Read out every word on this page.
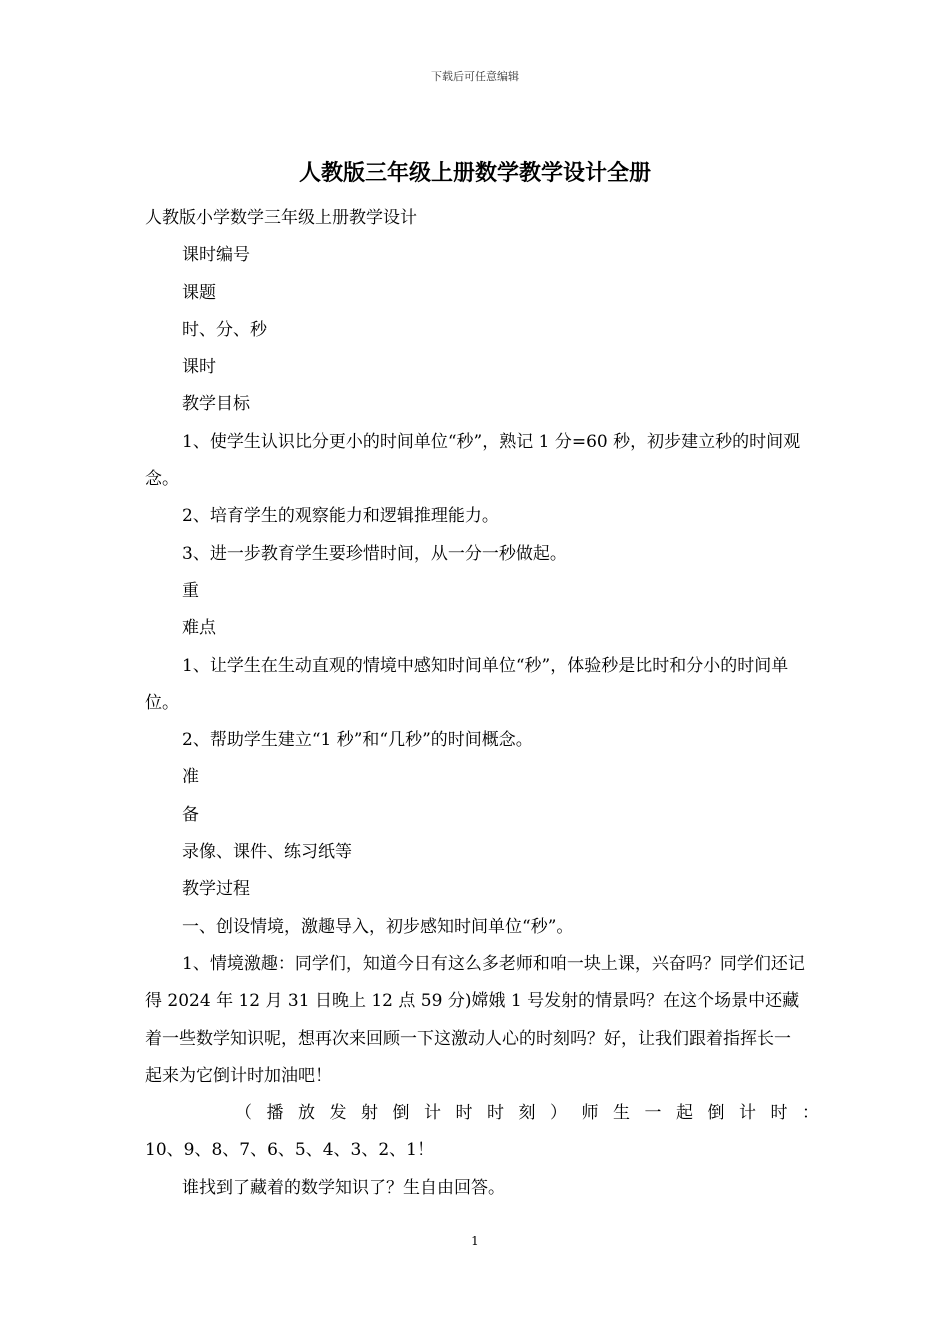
下载后可任意编辑
人教版三年级上册数学教学设计全册

人教版小学数学三年级上册教学设计

课时编号

课题

时、分、秒

课时

教学目标

1、使学生认识比分更小的时间单位“秒”，熟记 1 分=60 秒，初步建立秒的时间观念。

2、培育学生的观察能力和逻辑推理能力。

3、进一步教育学生要珍惜时间，从一分一秒做起。

重

难点

1、让学生在生动直观的情境中感知时间单位“秒”，体验秒是比时和分小的时间单位。

2、帮助学生建立“1 秒”和“几秒”的时间概念。

准

备

录像、课件、练习纸等

教学过程

一、创设情境，激趣导入，初步感知时间单位“秒”。

1、情境激趣：同学们，知道今日有这么多老师和咱一块上课，兴奋吗？同学们还记得 2024 年 12 月 31 日晚上 12 点 59 分)嫦娥 1 号发射的情景吗？在这个场景中还藏着一些数学知识呢，想再次来回顾一下这激动人心的时刻吗？好，让我们跟着指挥长一起来为它倒计时加油吧！

（播放发射倒计时时刻）师生一起倒计时：

10、9、8、7、6、5、4、3、2、1！

谁找到了藏着的数学知识了？生自由回答。

1
